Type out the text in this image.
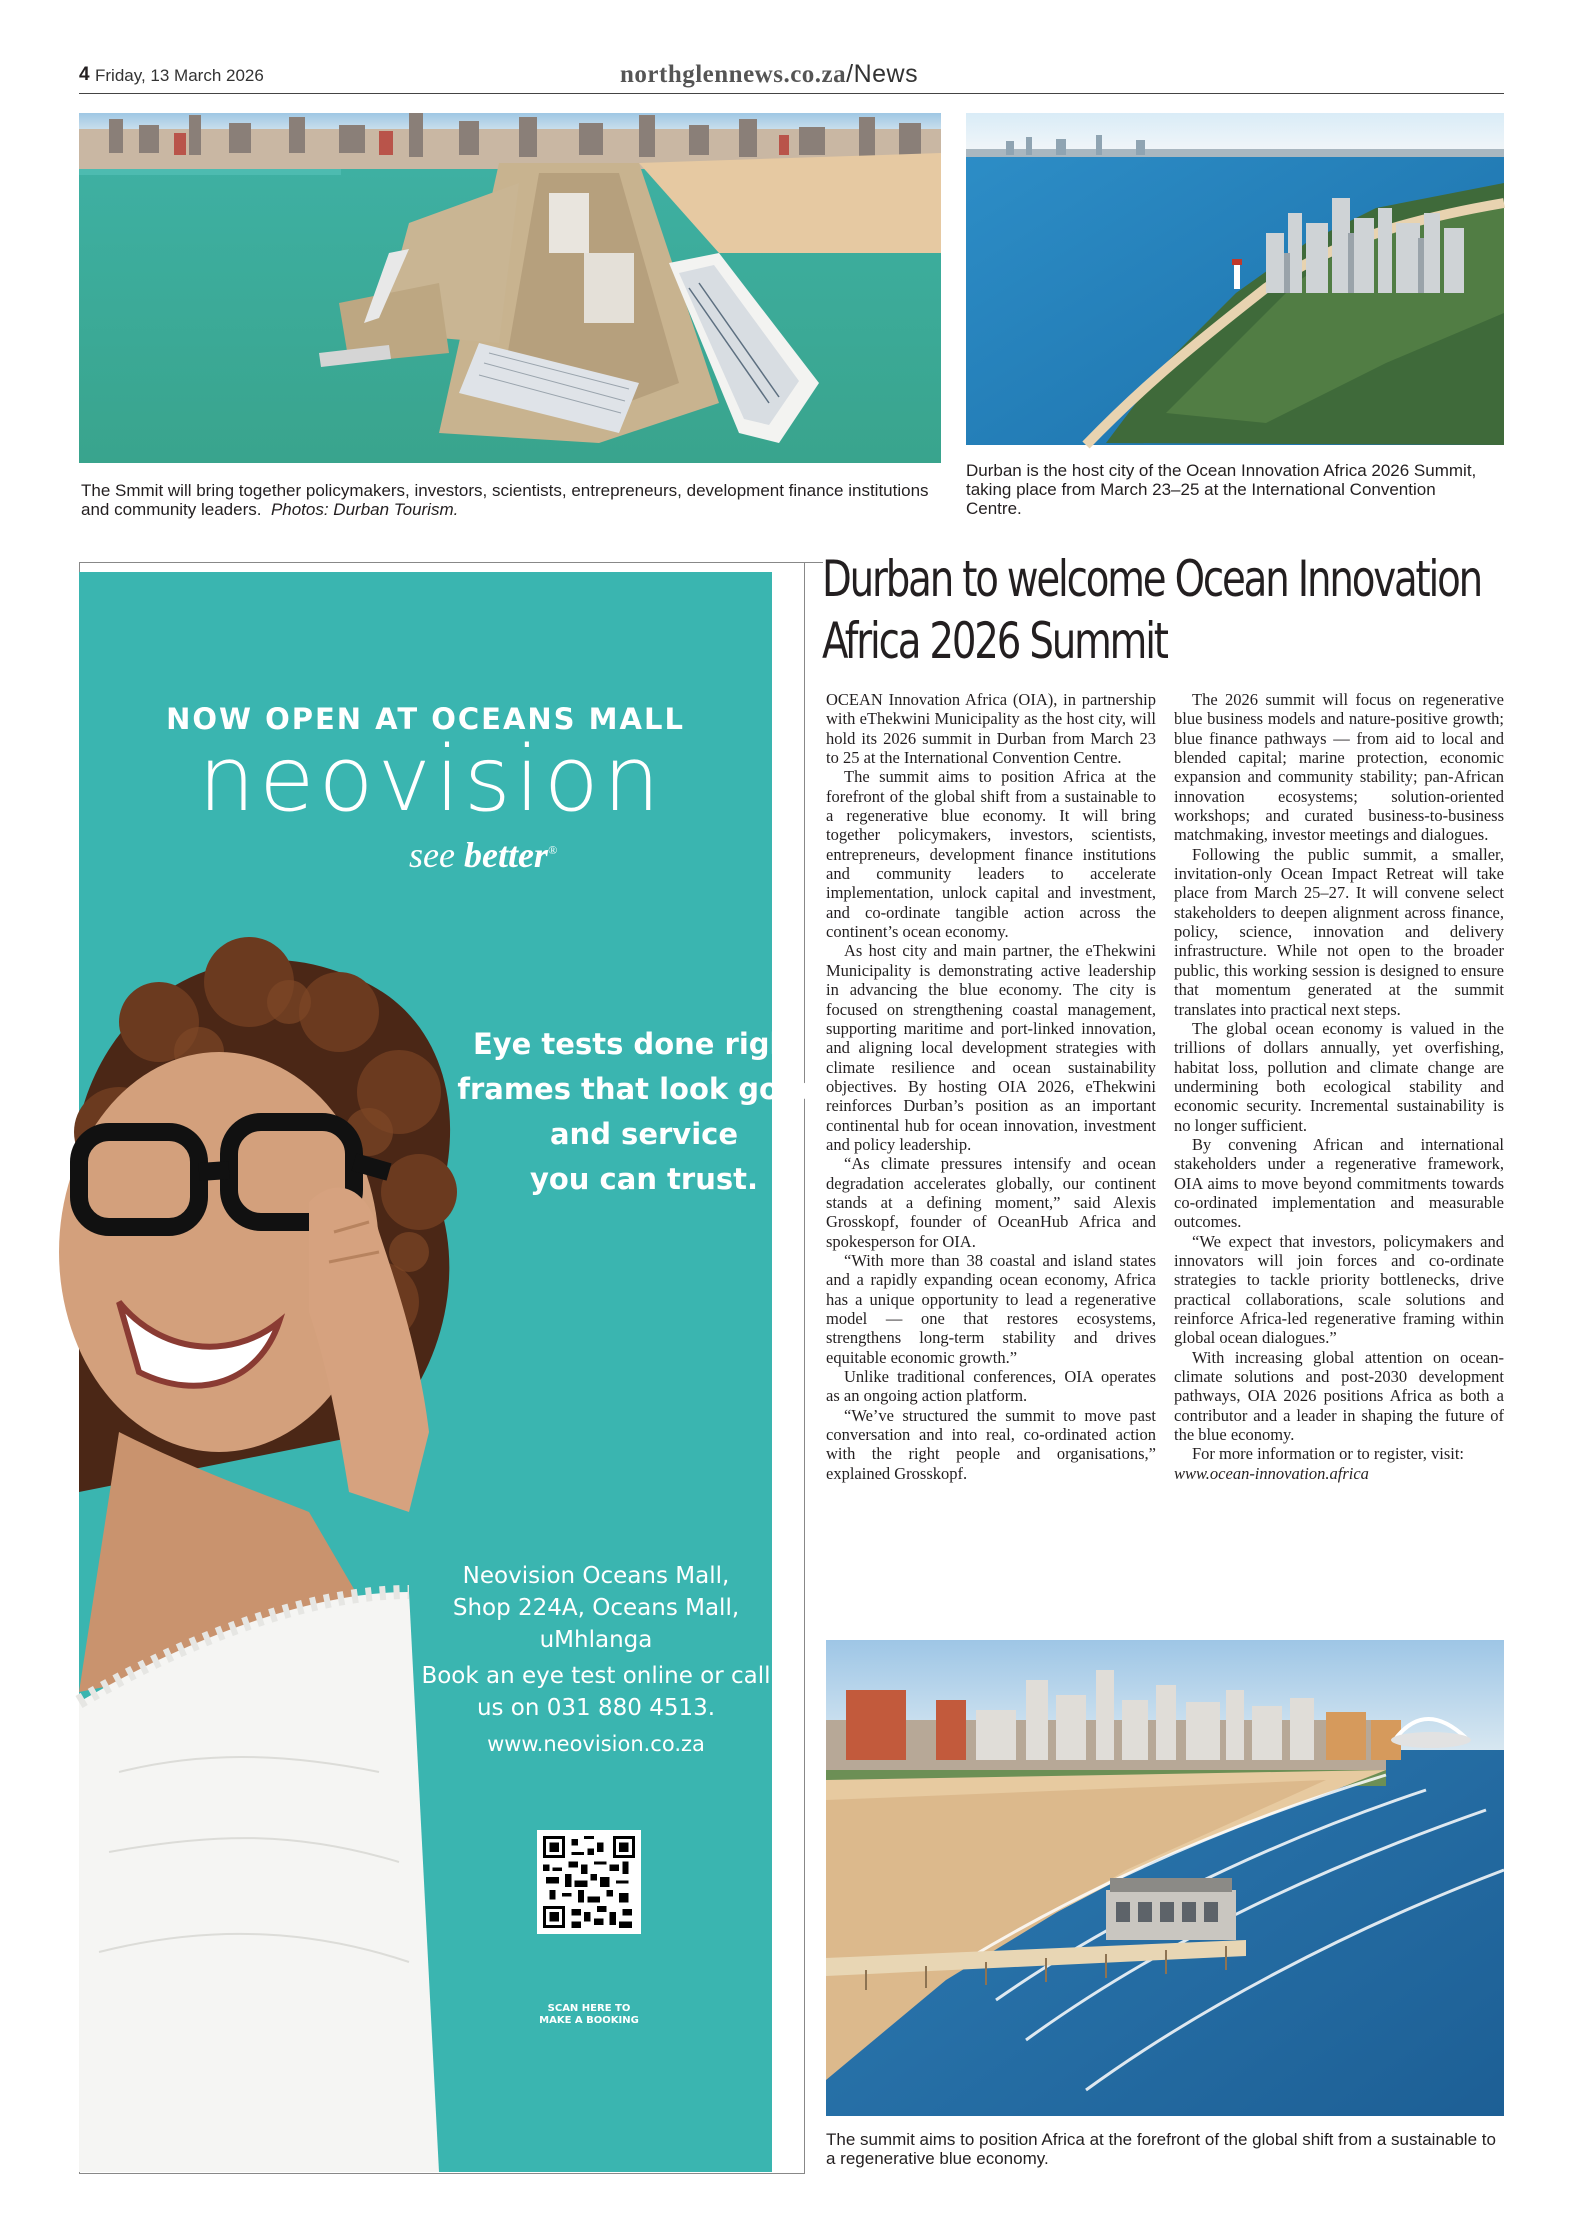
4 Friday, 13 March 2026	northglennews.co.za/News
The Smmit will bring together policymakers, investors, scientists, entrepreneurs, development finance institutions and community leaders. Photos: Durban Tourism.
Durban is the host city of the Ocean Innovation Africa 2026 Summit, taking place from March 23–25 at the International Convention Centre.
NOW OPEN AT OCEANS MALL
neovision
see better®
Eye tests done right,
frames that look good,
and service
you can trust.
Neovision Oceans Mall,
Shop 224A, Oceans Mall,
uMhlanga
Book an eye test online or call us on 031 880 4513.
www.neovision.co.za
SCAN HERE TO
MAKE A BOOKING
Durban to welcome Ocean Innovation Africa 2026 Summit

OCEAN Innovation Africa (OIA), in partnership with eThekwini Municipality as the host city, will hold its 2026 summit in Durban from March 23 to 25 at the International Convention Centre.

The summit aims to position Africa at the forefront of the global shift from a sustainable to a regenerative blue economy. It will bring together policymakers, investors, scientists, entrepreneurs, development finance institutions and community leaders to accelerate implementation, unlock capital and investment, and co-ordinate tangible action across the continent’s ocean economy.

As host city and main partner, the eThekwini Municipality is demonstrating active leadership in advancing the blue economy. The city is focused on strengthening coastal management, supporting maritime and port-linked innovation, and aligning local development strategies with climate resilience and ocean sustainability objectives. By hosting OIA 2026, eThekwini reinforces Durban’s position as an important continental hub for ocean innovation, investment and policy leadership.

“As climate pressures intensify and ocean degradation accelerates globally, our continent stands at a defining moment,” said Alexis Grosskopf, founder of OceanHub Africa and spokesperson for OIA.

“With more than 38 coastal and island states and a rapidly expanding ocean economy, Africa has a unique opportunity to lead a regenerative model — one that restores ecosystems, strengthens long-term stability and drives equitable economic growth.”

Unlike traditional conferences, OIA operates as an ongoing action platform.

“We’ve structured the summit to move past conversation and into real, co-ordinated action with the right people and organisations,” explained Grosskopf.

The 2026 summit will focus on regenerative blue business models and nature-positive growth; blue finance pathways — from aid to local and blended capital; marine protection, economic expansion and community stability; pan-African innovation ecosystems; solution-oriented workshops; and curated business-to-business matchmaking, investor meetings and dialogues.

Following the public summit, a smaller, invitation-only Ocean Impact Retreat will take place from March 25–27. It will convene select stakeholders to deepen alignment across finance, policy, science, innovation and delivery infrastructure. While not open to the broader public, this working session is designed to ensure that momentum generated at the summit translates into practical next steps.

The global ocean economy is valued in the trillions of dollars annually, yet overfishing, habitat loss, pollution and climate change are undermining both ecological stability and economic security. Incremental sustainability is no longer sufficient.

By convening African and international stakeholders under a regenerative framework, OIA aims to move beyond commitments towards co-ordinated implementation and measurable outcomes.

“We expect that investors, policymakers and innovators will join forces and co-ordinate strategies to tackle priority bottlenecks, drive practical collaborations, scale solutions and reinforce Africa-led regenerative framing within global ocean dialogues.”

With increasing global attention on ocean-climate solutions and post-2030 development pathways, OIA 2026 positions Africa as both a contributor and a leader in shaping the future of the blue economy.

For more information or to register, visit:

www.ocean-innovation.africa

The summit aims to position Africa at the forefront of the global shift from a sustainable to a regenerative blue economy.
